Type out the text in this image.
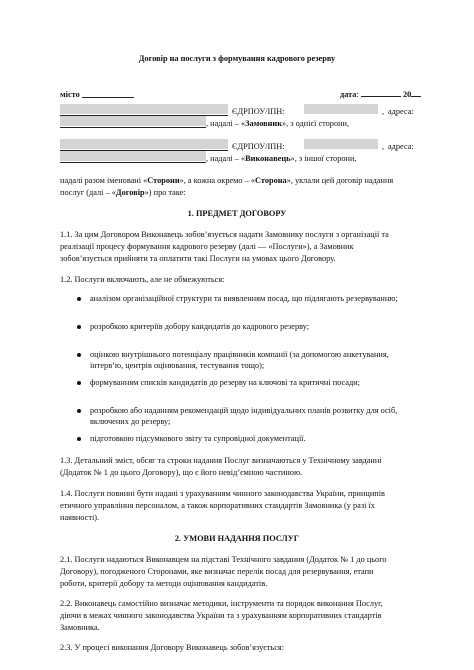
Договір на послуги з формування кадрового резерву
місто	дата:	20
ЄДРПОУ/ІПН:	, адреса:
, надалі – «Замовник», з однієї сторони,
ЄДРПОУ/ІПН:	, адреса:
, надалі – «Виконавець», з іншої сторони,
надалі разом іменовані «Сторони», а кожна окремо – «Сторона», уклали цей договір надання
послуг (далі – «Договір») про таке:
1. ПРЕДМЕТ ДОГОВОРУ
1.1. За цим Договором Виконавець зобов’язується надати Замовнику послуги з організації та
реалізації процесу формування кадрового резерву (далі — «Послуги»), а Замовник
зобов’язується прийняти та оплатити такі Послуги на умовах цього Договору.
1.2. Послуги включають, але не обмежуються:
аналізом організаційної структури та виявленням посад, що підлягають резервуванню;
розробкою критеріїв добору кандидатів до кадрового резерву;
оцінкою внутрішнього потенціалу працівників компанії (за допомогою анкетування,
інтерв’ю, центрів оцінювання, тестування тощо);
формуванням списків кандидатів до резерву на ключові та критичні посади;
розробкою або наданням рекомендацій щодо індивідуальних планів розвитку для осіб,
включених до резерву;
підготовкою підсумкового звіту та супровідної документації.
1.3. Детальний зміст, обсяг та строки надання Послуг визначаються у Технічному завданні
(Додаток № 1 до цього Договору), що є його невід’ємною частиною.
1.4. Послуги повинні бути надані з урахуванням чинного законодавства України, принципів
етичного управління персоналом, а також корпоративних стандартів Замовника (у разі їх
наявності).
2. УМОВИ НАДАННЯ ПОСЛУГ
2.1. Послуги надаються Виконавцем на підставі Технічного завдання (Додаток № 1 до цього
Договору), погодженого Сторонами, яке визначає перелік посад для резервування, етапи
роботи, критерії добору та методи оцінювання кандидатів.
2.2. Виконавець самостійно визначає методики, інструменти та порядок виконання Послуг,
діючи в межах чинного законодавства України та з урахуванням корпоративних стандартів
Замовника.
2.3. У процесі виконання Договору Виконавець зобов’язується:
